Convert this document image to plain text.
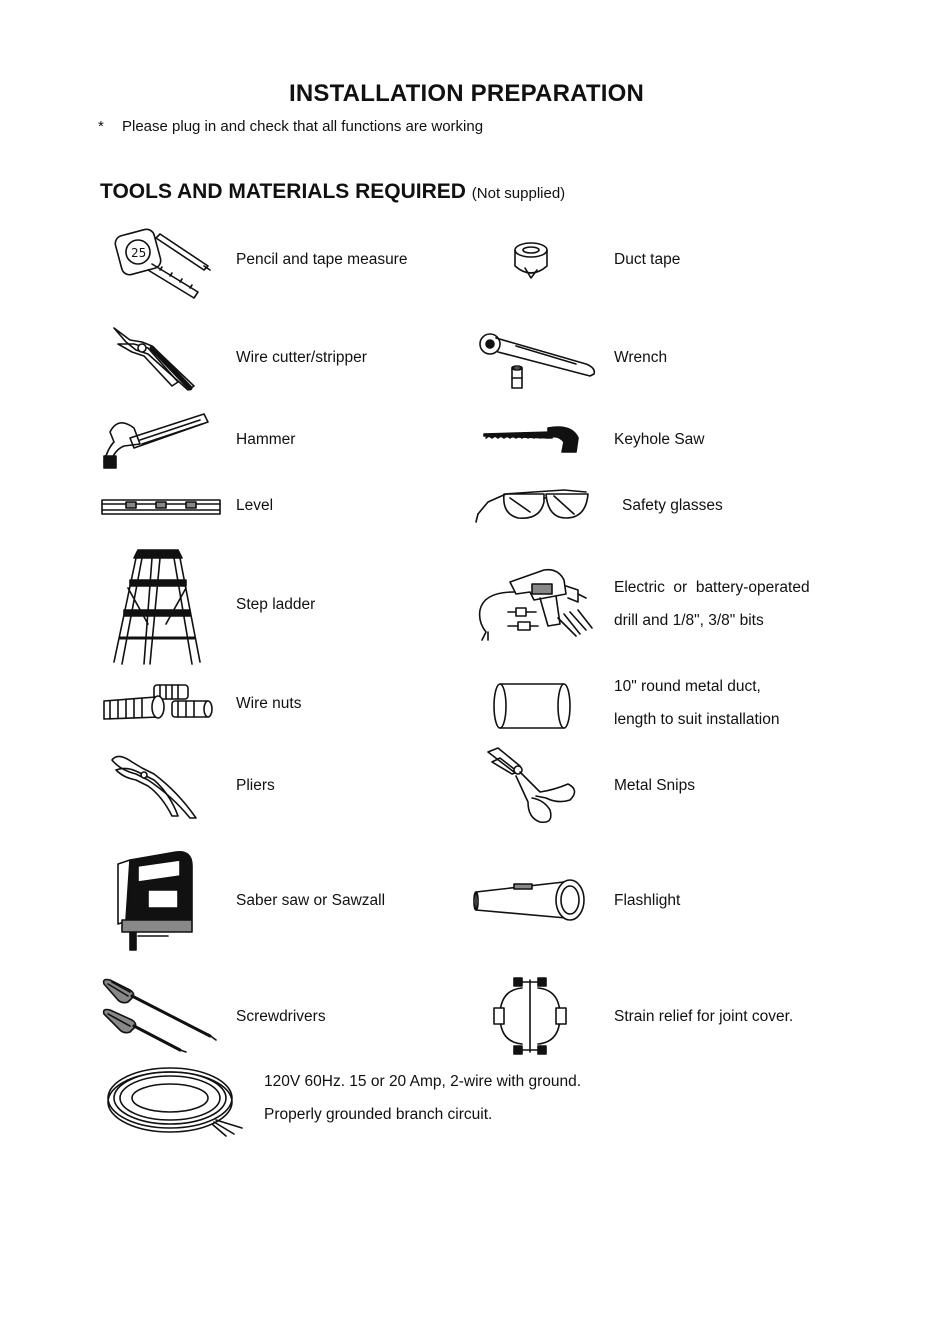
INSTALLATION PREPARATION
* Please plug in and check that all functions are working
TOOLS AND MATERIALS REQUIRED (Not supplied)
25	Pencil and tape measure
Wire cutter/stripper
Hammer
Level
Step ladder
Wire nuts
Pliers
Saber saw or Sawzall
Screwdrivers
Duct tape
Wrench
Keyhole Saw
Safety glasses
Electric  or  battery-operated
drill and 1/8", 3/8" bits
10" round metal duct,
length to suit installation
Metal Snips
Flashlight
Strain relief for joint cover.
120V 60Hz. 15 or 20 Amp, 2-wire with ground.
Properly grounded branch circuit.
